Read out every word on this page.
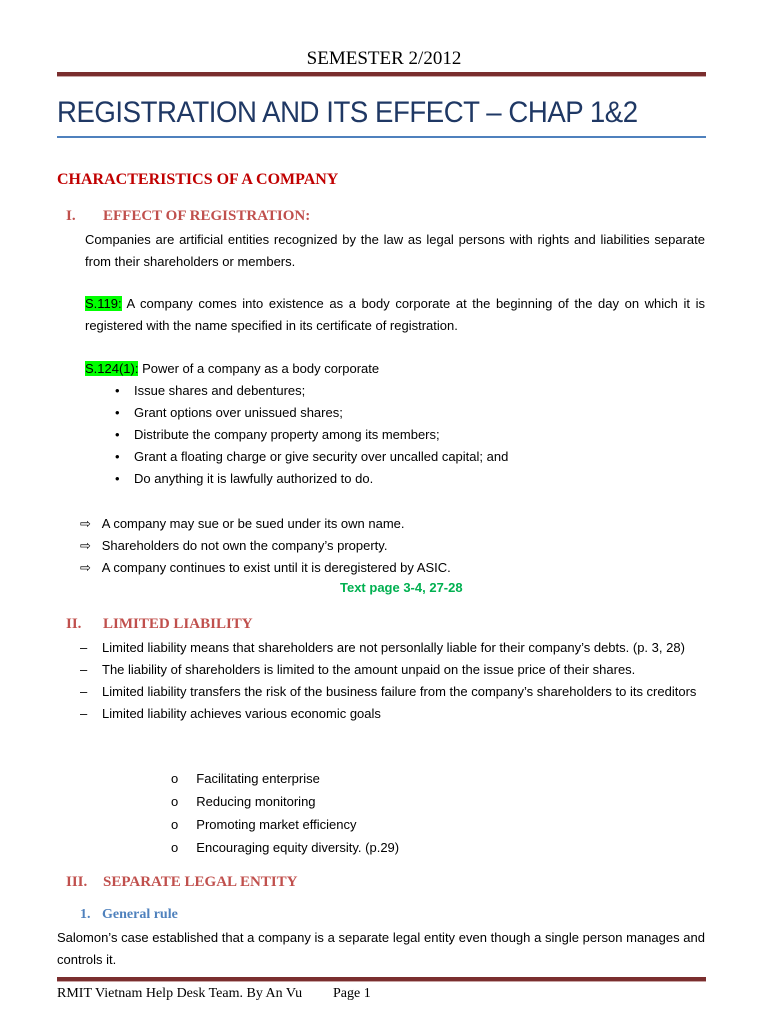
SEMESTER 2/2012
REGISTRATION AND ITS EFFECT – CHAP 1&2
CHARACTERISTICS OF A COMPANY
I. EFFECT OF REGISTRATION:
Companies are artificial entities recognized by the law as legal persons with rights and liabilities separate from their shareholders or members.
S.119: A company comes into existence as a body corporate at the beginning of the day on which it is registered with the name specified in its certificate of registration.
S.124(1): Power of a company as a body corporate
•    Issue shares and debentures;
•    Grant options over unissued shares;
•    Distribute the company property among its members;
•    Grant a floating charge or give security over uncalled capital; and
•    Do anything it is lawfully authorized to do.
⇨ A company may sue or be sued under its own name.
⇨ Shareholders do not own the company’s property.
⇨ A company continues to exist until it is deregistered by ASIC.
Text page 3-4, 27-28
II. LIMITED LIABILITY
–	Limited liability means that shareholders are not personlally liable for their company’s debts. (p. 3, 28)
–	The liability of shareholders is limited to the amount unpaid on the issue price of their shares.
–	Limited liability transfers the risk of the business failure from the company’s shareholders to its creditors
–	Limited liability achieves various economic goals
o     Facilitating enterprise
o     Reducing monitoring
o     Promoting market efficiency
o     Encouraging equity diversity. (p.29)
III. SEPARATE LEGAL ENTITY
1. General rule
Salomon’s case established that a company is a separate legal entity even though a single person manages and controls it.
RMIT Vietnam Help Desk Team. By An Vu Page 1
